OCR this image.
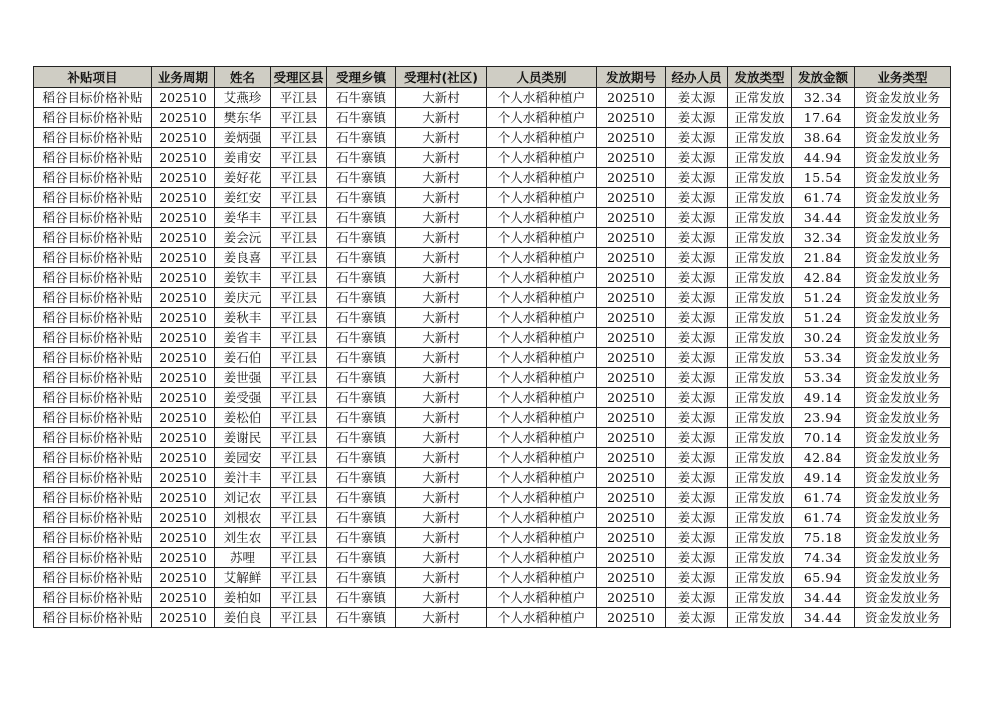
补贴项目	业务周期	姓名	受理区县	受理乡镇	受理村(社区)	人员类别	发放期号	经办人员	发放类型	发放金额	业务类型
稻谷目标价格补贴	202510	艾燕珍	平江县	石牛寨镇	大新村	个人水稻种植户	202510	姜太源	正常发放	32.34	资金发放业务
稻谷目标价格补贴	202510	樊东华	平江县	石牛寨镇	大新村	个人水稻种植户	202510	姜太源	正常发放	17.64	资金发放业务
稻谷目标价格补贴	202510	姜炳强	平江县	石牛寨镇	大新村	个人水稻种植户	202510	姜太源	正常发放	38.64	资金发放业务
稻谷目标价格补贴	202510	姜甫安	平江县	石牛寨镇	大新村	个人水稻种植户	202510	姜太源	正常发放	44.94	资金发放业务
稻谷目标价格补贴	202510	姜好花	平江县	石牛寨镇	大新村	个人水稻种植户	202510	姜太源	正常发放	15.54	资金发放业务
稻谷目标价格补贴	202510	姜红安	平江县	石牛寨镇	大新村	个人水稻种植户	202510	姜太源	正常发放	61.74	资金发放业务
稻谷目标价格补贴	202510	姜华丰	平江县	石牛寨镇	大新村	个人水稻种植户	202510	姜太源	正常发放	34.44	资金发放业务
稻谷目标价格补贴	202510	姜会沅	平江县	石牛寨镇	大新村	个人水稻种植户	202510	姜太源	正常发放	32.34	资金发放业务
稻谷目标价格补贴	202510	姜良喜	平江县	石牛寨镇	大新村	个人水稻种植户	202510	姜太源	正常发放	21.84	资金发放业务
稻谷目标价格补贴	202510	姜钦丰	平江县	石牛寨镇	大新村	个人水稻种植户	202510	姜太源	正常发放	42.84	资金发放业务
稻谷目标价格补贴	202510	姜庆元	平江县	石牛寨镇	大新村	个人水稻种植户	202510	姜太源	正常发放	51.24	资金发放业务
稻谷目标价格补贴	202510	姜秋丰	平江县	石牛寨镇	大新村	个人水稻种植户	202510	姜太源	正常发放	51.24	资金发放业务
稻谷目标价格补贴	202510	姜省丰	平江县	石牛寨镇	大新村	个人水稻种植户	202510	姜太源	正常发放	30.24	资金发放业务
稻谷目标价格补贴	202510	姜石伯	平江县	石牛寨镇	大新村	个人水稻种植户	202510	姜太源	正常发放	53.34	资金发放业务
稻谷目标价格补贴	202510	姜世强	平江县	石牛寨镇	大新村	个人水稻种植户	202510	姜太源	正常发放	53.34	资金发放业务
稻谷目标价格补贴	202510	姜受强	平江县	石牛寨镇	大新村	个人水稻种植户	202510	姜太源	正常发放	49.14	资金发放业务
稻谷目标价格补贴	202510	姜松伯	平江县	石牛寨镇	大新村	个人水稻种植户	202510	姜太源	正常发放	23.94	资金发放业务
稻谷目标价格补贴	202510	姜谢民	平江县	石牛寨镇	大新村	个人水稻种植户	202510	姜太源	正常发放	70.14	资金发放业务
稻谷目标价格补贴	202510	姜园安	平江县	石牛寨镇	大新村	个人水稻种植户	202510	姜太源	正常发放	42.84	资金发放业务
稻谷目标价格补贴	202510	姜汁丰	平江县	石牛寨镇	大新村	个人水稻种植户	202510	姜太源	正常发放	49.14	资金发放业务
稻谷目标价格补贴	202510	刘记农	平江县	石牛寨镇	大新村	个人水稻种植户	202510	姜太源	正常发放	61.74	资金发放业务
稻谷目标价格补贴	202510	刘根农	平江县	石牛寨镇	大新村	个人水稻种植户	202510	姜太源	正常发放	61.74	资金发放业务
稻谷目标价格补贴	202510	刘生农	平江县	石牛寨镇	大新村	个人水稻种植户	202510	姜太源	正常发放	75.18	资金发放业务
稻谷目标价格补贴	202510	苏哩	平江县	石牛寨镇	大新村	个人水稻种植户	202510	姜太源	正常发放	74.34	资金发放业务
稻谷目标价格补贴	202510	艾解鲜	平江县	石牛寨镇	大新村	个人水稻种植户	202510	姜太源	正常发放	65.94	资金发放业务
稻谷目标价格补贴	202510	姜柏如	平江县	石牛寨镇	大新村	个人水稻种植户	202510	姜太源	正常发放	34.44	资金发放业务
稻谷目标价格补贴	202510	姜伯良	平江县	石牛寨镇	大新村	个人水稻种植户	202510	姜太源	正常发放	34.44	资金发放业务
